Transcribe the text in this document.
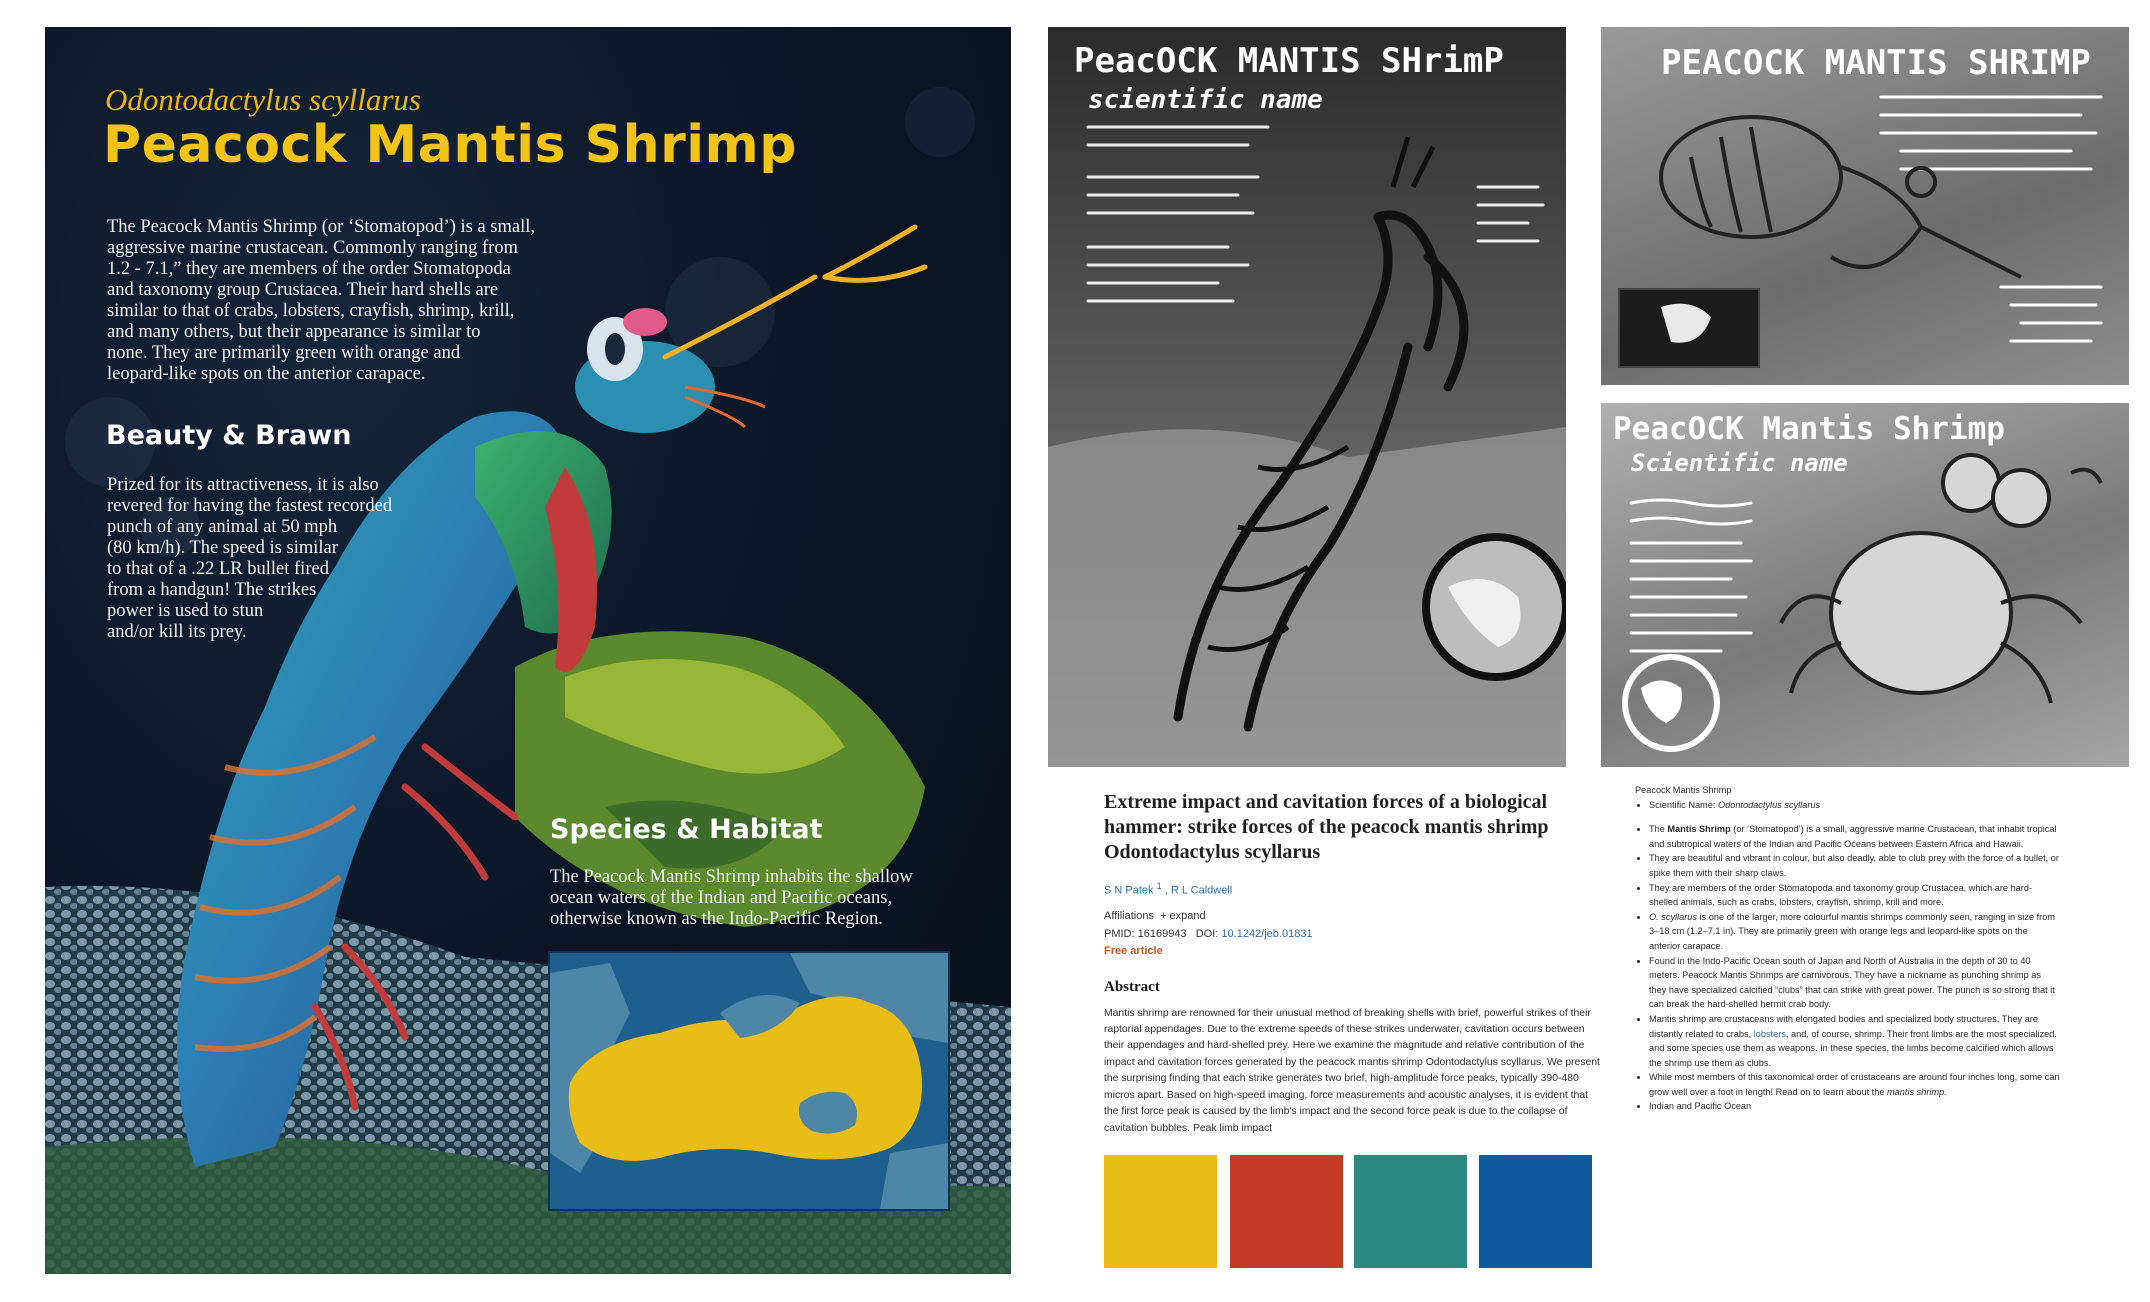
Odontodactylus scyllarus
Peacock Mantis Shrimp
The Peacock Mantis Shrimp (or ‘Stomatopod’) is a small,
aggressive marine crustacean. Commonly ranging from
1.2 - 7.1,” they are members of the order Stomatopoda
and taxonomy group Crustacea. Their hard shells are
similar to that of crabs, lobsters, crayfish, shrimp, krill,
and many others, but their appearance is similar to
none. They are primarily green with orange and
leopard-like spots on the anterior carapace.
Beauty & Brawn
Prized for its attractiveness, it is also
revered for having the fastest recorded
punch of any animal at 50 mph
(80 km/h). The speed is similar
to that of a .22 LR bullet fired
from a handgun! The strikes
power is used to stun
and/or kill its prey.
Species & Habitat
The Peacock Mantis Shrimp inhabits the shallow
ocean waters of the Indian and Pacific oceans,
otherwise known as the Indo-Pacific Region.
PeacOCK MANTIS SHrimP
scientific name
PEACOCK MANTIS SHRIMP
PeacOCK Mantis Shrimp
Scientific name
Extreme impact and cavitation forces of a biological hammer: strike forces of the peacock mantis shrimp Odontodactylus scyllarus
S N Patek $^1$ , R L Caldwell
Affiliations + expand
PMID: 16169943 DOI: 10.1242/jeb.01831
Free article
Abstract
Mantis shrimp are renowned for their unusual method of breaking shells with brief, powerful strikes of their raptorial appendages. Due to the extreme speeds of these strikes underwater, cavitation occurs between their appendages and hard-shelled prey. Here we examine the magnitude and relative contribution of the impact and cavitation forces generated by the peacock mantis shrimp Odontodactylus scyllarus. We present the surprising finding that each strike generates two brief, high-amplitude force peaks, typically 390-480 micros apart. Based on high-speed imaging, force measurements and acoustic analyses, it is evident that the first force peak is caused by the limb's impact and the second force peak is due to the collapse of cavitation bubbles. Peak limb impact
Peacock Mantis Shrimp
• Scientific Name: Odontodactylus scyllarus
• The Mantis Shrimp (or ‘Stomatopod’) is a small, aggressive marine Crustacean, that inhabit tropical and subtropical waters of the Indian and Pacific Oceans between Eastern Africa and Hawaii.
• They are beautiful and vibrant in colour, but also deadly, able to club prey with the force of a bullet, or spike them with their sharp claws.
• They are members of the order Stomatopoda and taxonomy group Crustacea, which are hard-shelled animals, such as crabs, lobsters, crayfish, shrimp, krill and more.
• O. scyllarus is one of the larger, more colourful mantis shrimps commonly seen, ranging in size from 3–18 cm (1.2–7.1 in). They are primarily green with orange legs and leopard-like spots on the anterior carapace.
• Found in the Indo-Pacific Ocean south of Japan and North of Australia in the depth of 30 to 40 meters. Peacock Mantis Shrimps are carnivorous. They have a nickname as punching shrimp as they have specialized calcified “clubs” that can strike with great power. The punch is so strong that it can break the hard-shelled hermit crab body.
• Mantis shrimp are crustaceans with elongated bodies and specialized body structures. They are distantly related to crabs, lobsters, and, of course, shrimp. Their front limbs are the most specialized, and some species use them as weapons. In these species, the limbs become calcified which allows the shrimp use them as clubs.
• While most members of this taxonomical order of crustaceans are around four inches long, some can grow well over a foot in length! Read on to learn about the mantis shrimp.
• Indian and Pacific Ocean
